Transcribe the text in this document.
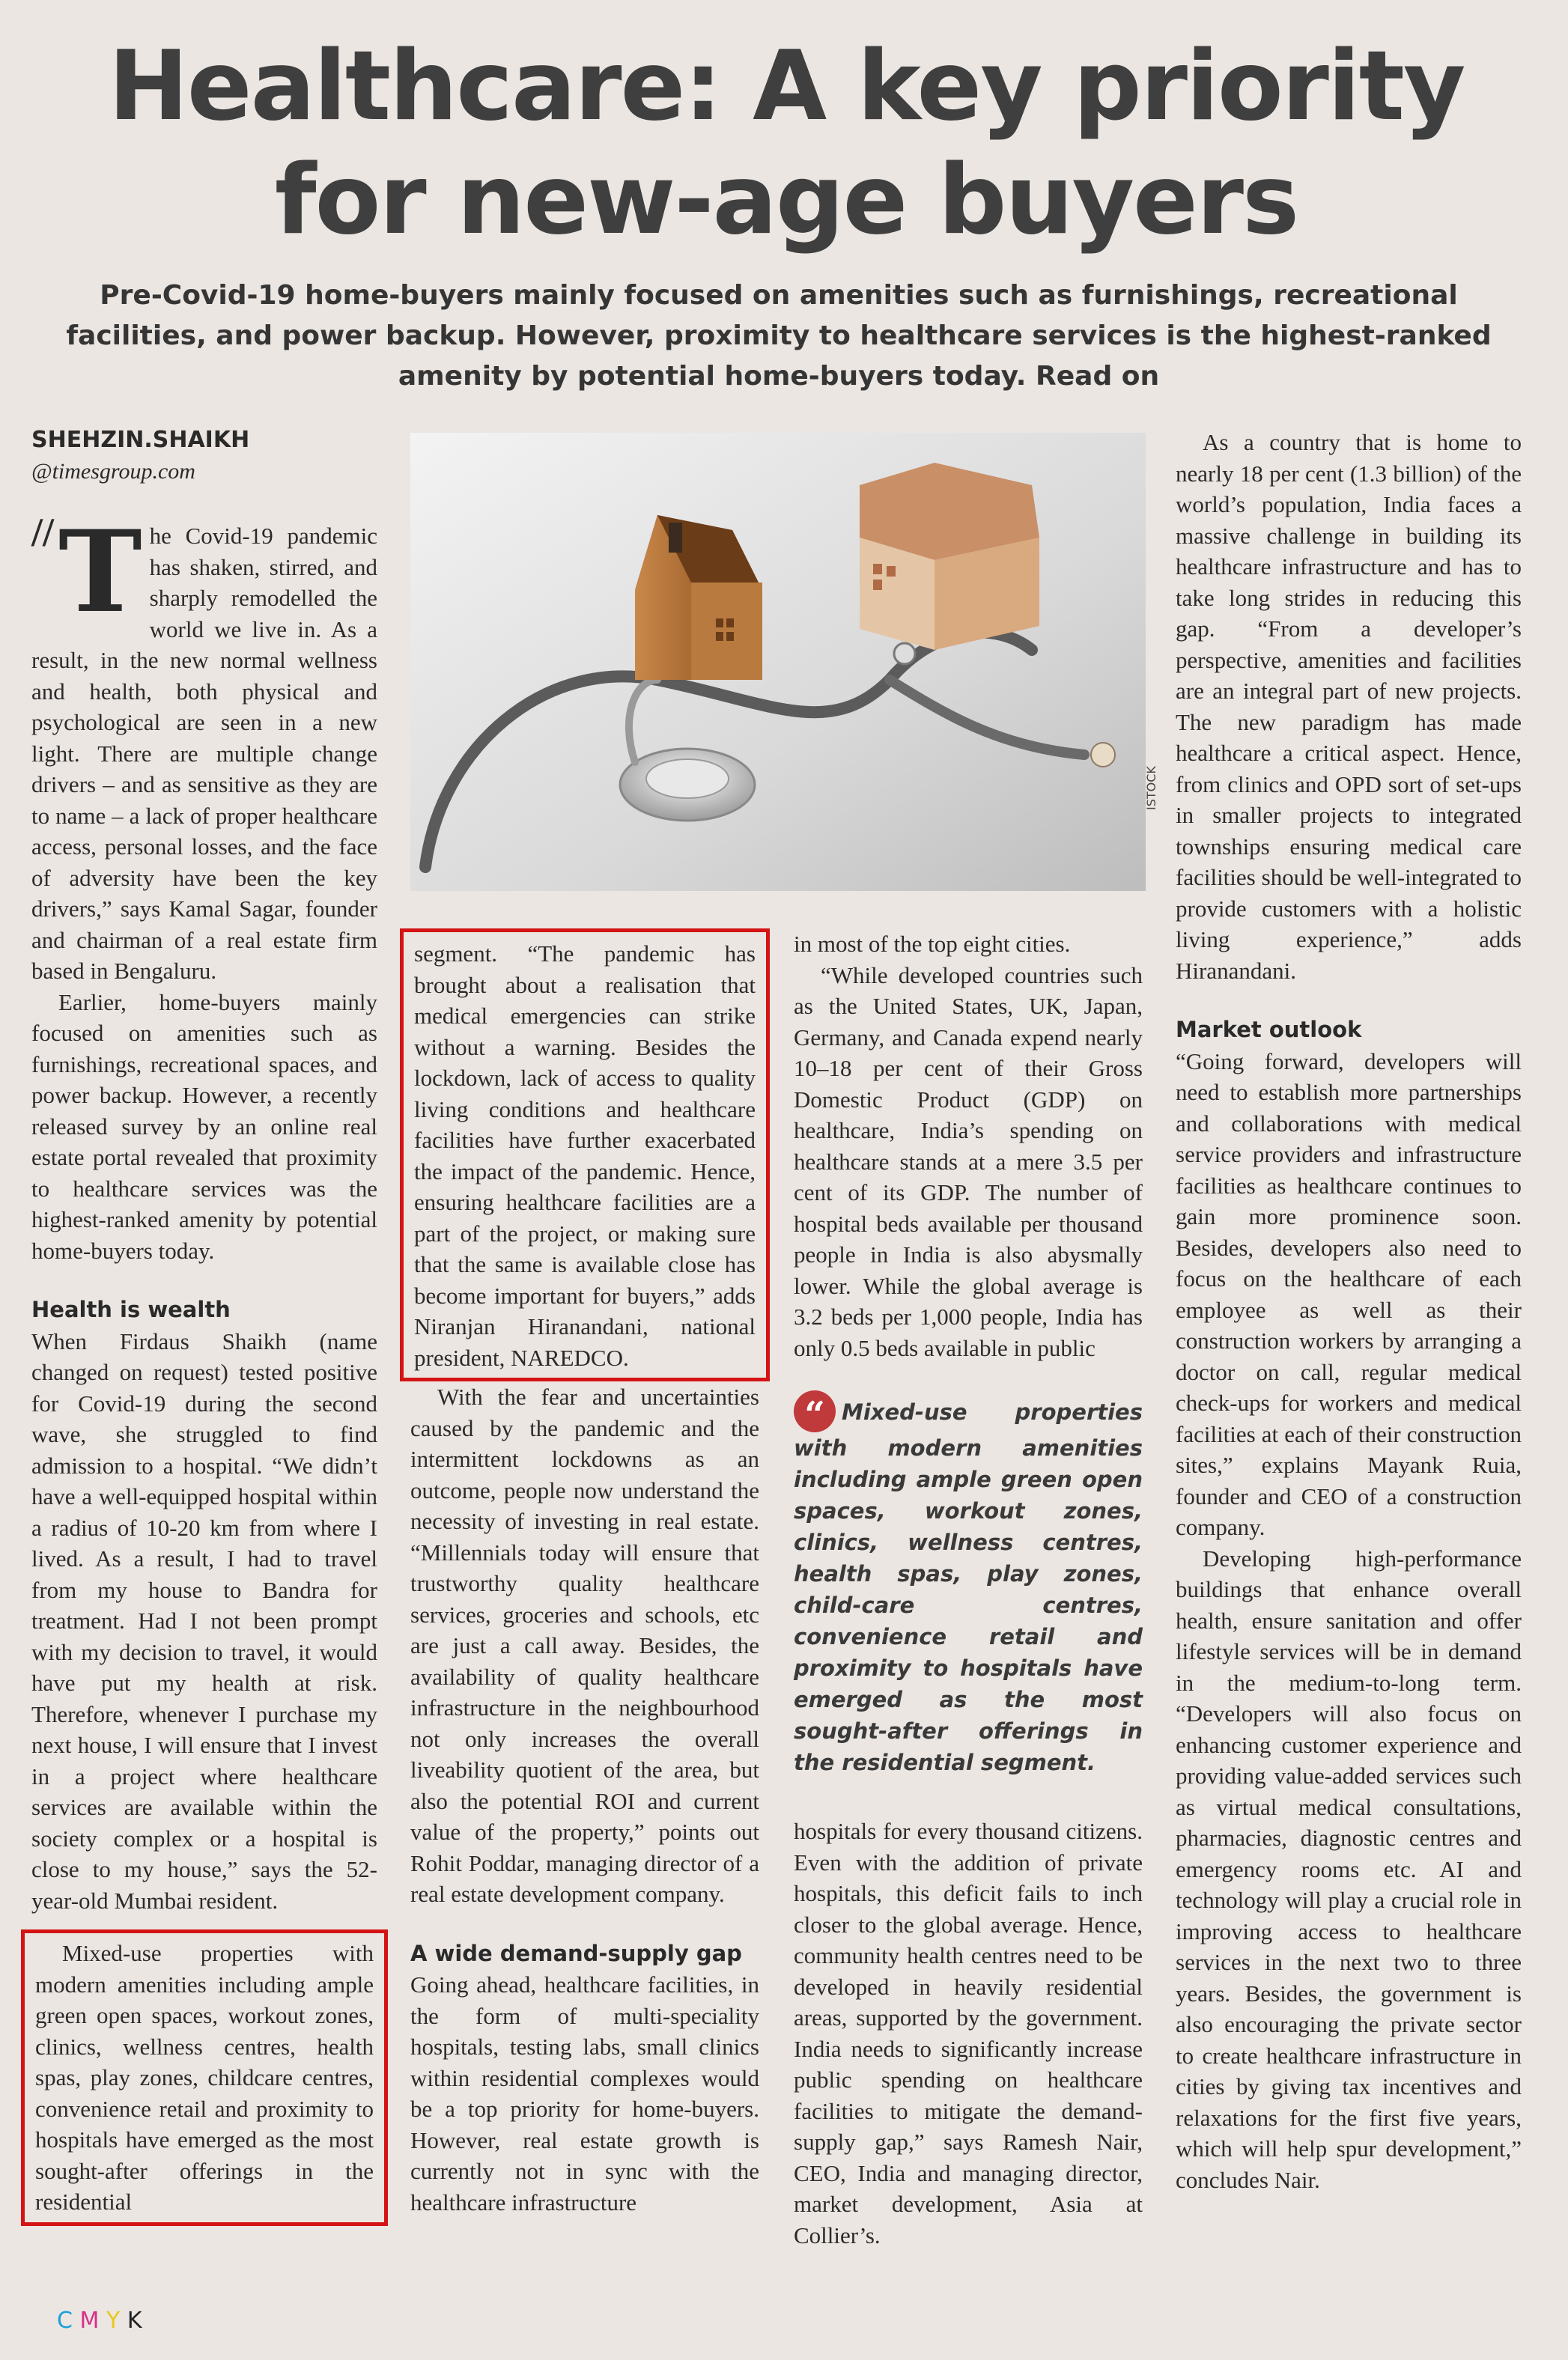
Healthcare: A key priority for new-age buyers
Pre-Covid-19 home-buyers mainly focused on amenities such as furnishings, recreational facilities, and power backup. However, proximity to healthcare services is the highest-ranked amenity by potential home-buyers today. Read on
SHEHZIN.SHAIKH
@timesgroup.com
ISTOCK

// T he Covid-19 pandemic has shaken, stirred, and sharply remodelled the world we live in. As a result, in the new normal wellness and health, both physical and psychological are seen in a new light. There are multiple change drivers – and as sensitive as they are to name – a lack of proper healthcare access, personal losses, and the face of adversity have been the key drivers,” says Kamal Sagar, founder and chairman of a real estate firm based in Bengaluru.

Earlier, home-buyers mainly focused on amenities such as furnishings, recreational spaces, and power backup. However, a recently released survey by an online real estate portal revealed that proximity to healthcare services was the highest-ranked amenity by potential home-buyers today.

Health is wealth

When Firdaus Shaikh (name changed on request) tested positive for Covid-19 during the second wave, she struggled to find admission to a hospital. “We didn’t have a well-equipped hospital within a radius of 10-20 km from where I lived. As a result, I had to travel from my house to Bandra for treatment. Had I not been prompt with my decision to travel, it would have put my health at risk. Therefore, whenever I purchase my next house, I will ensure that I invest in a project where healthcare services are available within the society complex or a hospital is close to my house,” says the 52-year-old Mumbai resident.

Mixed-use properties with modern amenities including ample green open spaces, workout zones, clinics, wellness centres, health spas, play zones, childcare centres, convenience retail and proximity to hospitals have emerged as the most sought-after offerings in the residential

segment. “The pandemic has brought about a realisation that medical emergencies can strike without a warning. Besides the lockdown, lack of access to quality living conditions and healthcare facilities have further exacerbated the impact of the pandemic. Hence, ensuring healthcare facilities are a part of the project, or making sure that the same is available close has become important for buyers,” adds Niranjan Hiranandani, national president, NAREDCO.

With the fear and uncertainties caused by the pandemic and the intermittent lockdowns as an outcome, people now understand the necessity of investing in real estate. “Millennials today will ensure that trustworthy quality healthcare services, groceries and schools, etc are just a call away. Besides, the availability of quality healthcare infrastructure in the neighbourhood not only increases the overall liveability quotient of the area, but also the potential ROI and current value of the property,” points out Rohit Poddar, managing director of a real estate development company.

A wide demand-supply gap

Going ahead, healthcare facilities, in the form of multi-speciality hospitals, testing labs, small clinics within residential complexes would be a top priority for home-buyers. However, real estate growth is currently not in sync with the healthcare infrastructure

in most of the top eight cities.

“While developed countries such as the United States, UK, Japan, Germany, and Canada expend nearly 10–18 per cent of their Gross Domestic Product (GDP) on healthcare, India’s spending on healthcare stands at a mere 3.5 per cent of its GDP. The number of hospital beds available per thousand people in India is also abysmally lower. While the global average is 3.2 beds per 1,000 people, India has only 0.5 beds available in public

“ Mixed-use properties with modern amenities including ample green open spaces, workout zones, clinics, wellness centres, health spas, play zones, child-care centres, convenience retail and proximity to hospitals have emerged as the most sought-after offerings in the residential segment.

hospitals for every thousand citizens. Even with the addition of private hospitals, this deficit fails to inch closer to the global average. Hence, community health centres need to be developed in heavily residential areas, supported by the government. India needs to significantly increase public spending on healthcare facilities to mitigate the demand-supply gap,” says Ramesh Nair, CEO, India and managing director, market development, Asia at Collier’s.

As a country that is home to nearly 18 per cent (1.3 billion) of the world’s population, India faces a massive challenge in building its healthcare infrastructure and has to take long strides in reducing this gap. “From a developer’s perspective, amenities and facilities are an integral part of new projects. The new paradigm has made healthcare a critical aspect. Hence, from clinics and OPD sort of set-ups in smaller projects to integrated townships ensuring medical care facilities should be well-integrated to provide customers with a holistic living experience,” adds Hiranandani.

Market outlook

“Going forward, developers will need to establish more partnerships and collaborations with medical service providers and infrastructure facilities as healthcare continues to gain more prominence soon. Besides, developers also need to focus on the healthcare of each employee as well as their construction workers by arranging a doctor on call, regular medical check-ups for workers and medical facilities at each of their construction sites,” explains Mayank Ruia, founder and CEO of a construction company.

Developing high-performance buildings that enhance overall health, ensure sanitation and offer lifestyle services will be in demand in the medium-to-long term. “Developers will also focus on enhancing customer experience and providing value-added services such as virtual medical consultations, pharmacies, diagnostic centres and emergency rooms etc. AI and technology will play a crucial role in improving access to healthcare services in the next two to three years. Besides, the government is also encouraging the private sector to create healthcare infrastructure in cities by giving tax incentives and relaxations for the first five years, which will help spur development,” concludes Nair.

C M Y K
